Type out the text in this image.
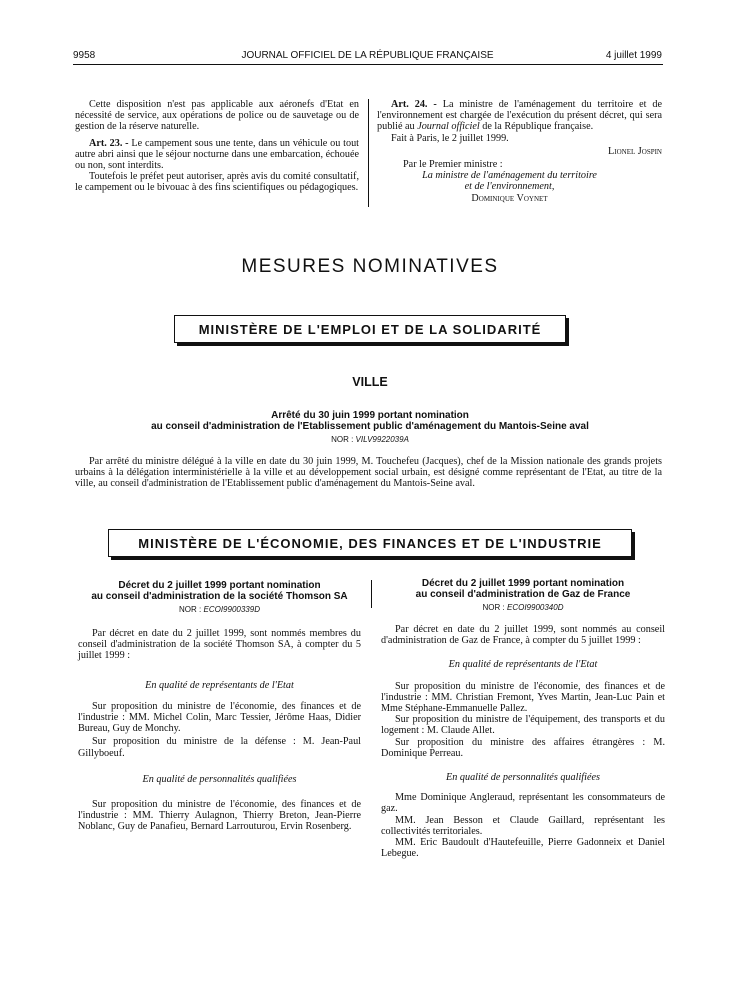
9958	JOURNAL OFFICIEL DE LA RÉPUBLIQUE FRANÇAISE	4 juillet 1999

Cette disposition n'est pas applicable aux aéronefs d'Etat en nécessité de service, aux opérations de police ou de sauvetage ou de gestion de la réserve naturelle.

Art. 23. - Le campement sous une tente, dans un véhicule ou tout autre abri ainsi que le séjour nocturne dans une embarcation, échouée ou non, sont interdits.

Toutefois le préfet peut autoriser, après avis du comité consultatif, le campement ou le bivouac à des fins scientifiques ou pédagogiques.

Art. 24. - La ministre de l'aménagement du territoire et de l'environnement est chargée de l'exécution du présent décret, qui sera publié au Journal officiel de la République française.

Fait à Paris, le 2 juillet 1999.

Lionel Jospin

Par le Premier ministre :

La ministre de l'aménagement du territoire

et de l'environnement,

Dominique Voynet

MESURES NOMINATIVES
MINISTÈRE DE L'EMPLOI ET DE LA SOLIDARITÉ
VILLE
Arrêté du 30 juin 1999 portant nomination
au conseil d'administration de l'Etablissement public d'aménagement du Mantois-Seine aval
NOR : VILV9922039A

Par arrêté du ministre délégué à la ville en date du 30 juin 1999, M. Touchefeu (Jacques), chef de la Mission nationale des grands projets urbains à la délégation interministérielle à la ville et au développement social urbain, est désigné comme représentant de l'Etat, au titre de la ville, au conseil d'administration de l'Etablissement public d'aménagement du Mantois-Seine aval.

MINISTÈRE DE L'ÉCONOMIE, DES FINANCES ET DE L'INDUSTRIE
Décret du 2 juillet 1999 portant nomination
au conseil d'administration de la société Thomson SA
NOR : ECOI9900339D

Par décret en date du 2 juillet 1999, sont nommés membres du conseil d'administration de la société Thomson SA, à compter du 5 juillet 1999 :

En qualité de représentants de l'Etat

Sur proposition du ministre de l'économie, des finances et de l'industrie : MM. Michel Colin, Marc Tessier, Jérôme Haas, Didier Bureau, Guy de Monchy.

Sur proposition du ministre de la défense : M. Jean-Paul Gillyboeuf.

En qualité de personnalités qualifiées

Sur proposition du ministre de l'économie, des finances et de l'industrie : MM. Thierry Aulagnon, Thierry Breton, Jean-Pierre Noblanc, Guy de Panafieu, Bernard Larrouturou, Ervin Rosenberg.

Décret du 2 juillet 1999 portant nomination
au conseil d'administration de Gaz de France
NOR : ECOI9900340D

Par décret en date du 2 juillet 1999, sont nommés au conseil d'administration de Gaz de France, à compter du 5 juillet 1999 :

En qualité de représentants de l'Etat

Sur proposition du ministre de l'économie, des finances et de l'industrie : MM. Christian Fremont, Yves Martin, Jean-Luc Pain et Mme Stéphane-Emmanuelle Pallez.

Sur proposition du ministre de l'équipement, des transports et du logement : M. Claude Allet.

Sur proposition du ministre des affaires étrangères : M. Dominique Perreau.

En qualité de personnalités qualifiées

Mme Dominique Angleraud, représentant les consommateurs de gaz.

MM. Jean Besson et Claude Gaillard, représentant les collectivités territoriales.

MM. Eric Baudoult d'Hautefeuille, Pierre Gadonneix et Daniel Lebegue.
